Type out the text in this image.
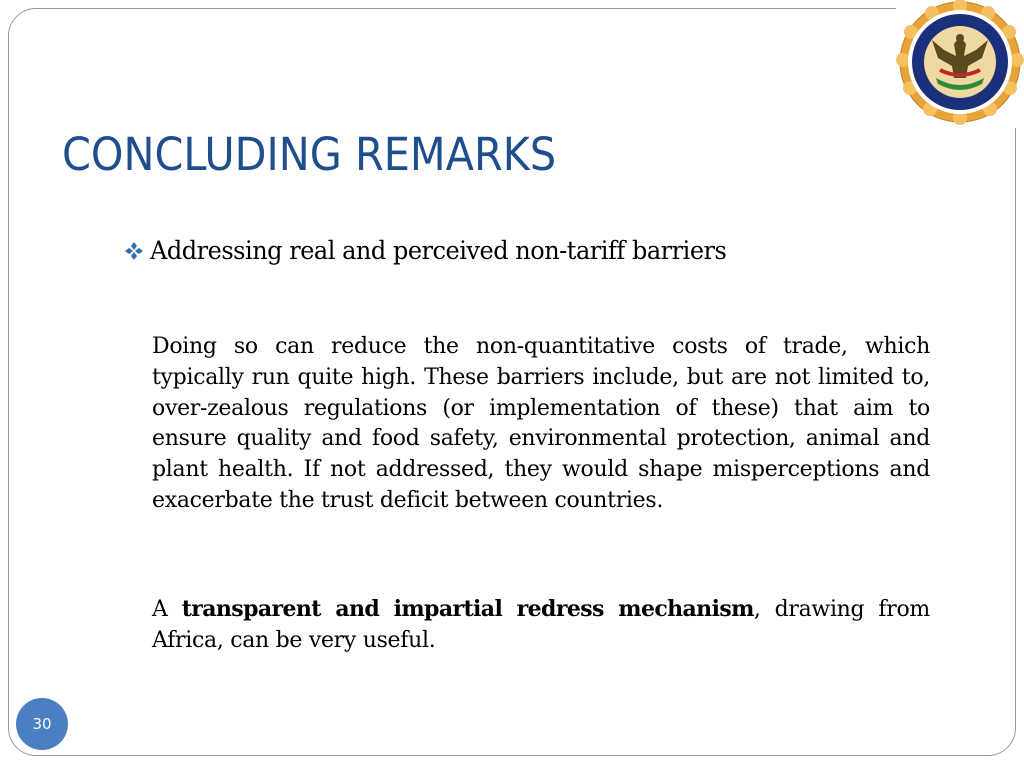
CONCLUDING REMARKS
Addressing real and perceived non-tariff barriers

Doing so can reduce the non-quantitative costs of trade, which typically run quite high. These barriers include, but are not limited to, over-zealous regulations (or implementation of these) that aim to ensure quality and food safety, environmental protection, animal and plant health. If not addressed, they would shape misperceptions and exacerbate the trust deficit between countries.

A transparent and impartial redress mechanism, drawing from Africa, can be very useful.

30
